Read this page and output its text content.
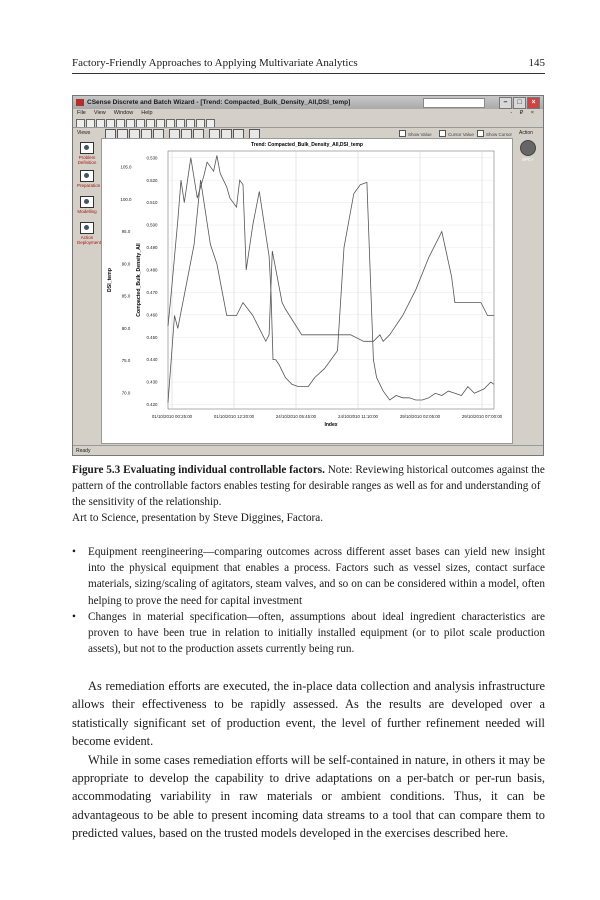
Factory-Friendly Approaches to Applying Multivariate Analytics	145
CSense Discrete and Batch Wizard - [Trend: Compacted_Bulk_Density_All,DSI_temp]	–	□	×
File View Window Help	- ₽ ×
Views	Show Value	Cursor Value	Show Cursor Action
Problem Definition
Preparation
Modelling
Action Deployment
SPC+
Trend: Compacted_Bulk_Density_All,DSI_temp
01/10/2010 00:25:00	01/10/2010 12:20:00	24/10/2010 05:45:00	24/10/2010 11:10:00	29/10/2010 02:05:00	29/10/2010 07:00:00
Index
105.0
100.0
95.0
90.0
85.0
80.0
75.0
70.0
DSI_temp
0.530
0.520
0.510
0.500
0.490
0.480
0.470
0.460
0.450
0.440
0.430
0.420
Compacted_Bulk_Density_All
Ready
Figure 5.3 Evaluating individual controllable factors. Note: Reviewing historical outcomes against the pattern of the controllable factors enables testing for desirable ranges as well as for and understanding of the sensitivity of the relationship.
Art to Science, presentation by Steve Diggines, Factora.
• Equipment reengineering—comparing outcomes across different asset bases can yield new insight into the physical equipment that enables a process. Factors such as vessel sizes, contact surface materials, sizing/scaling of agitators, steam valves, and so on can be considered within a model, often helping to prove the need for capital investment
• Changes in material specification—often, assumptions about ideal ingredient characteristics are proven to have been true in relation to initially installed equipment (or to pilot scale production assets), but not to the production assets currently being run.

As remediation efforts are executed, the in-place data collection and analysis infrastructure allows their effectiveness to be rapidly assessed. As the results are developed over a statistically significant set of production event, the level of further refinement needed will become evident.

While in some cases remediation efforts will be self-contained in nature, in others it may be appropriate to develop the capability to drive adaptations on a per-batch or per-run basis, accommodating variability in raw materials or ambient conditions. Thus, it can be advantageous to be able to present incoming data streams to a tool that can compare them to predicted values, based on the trusted models developed in the exercises described here.
